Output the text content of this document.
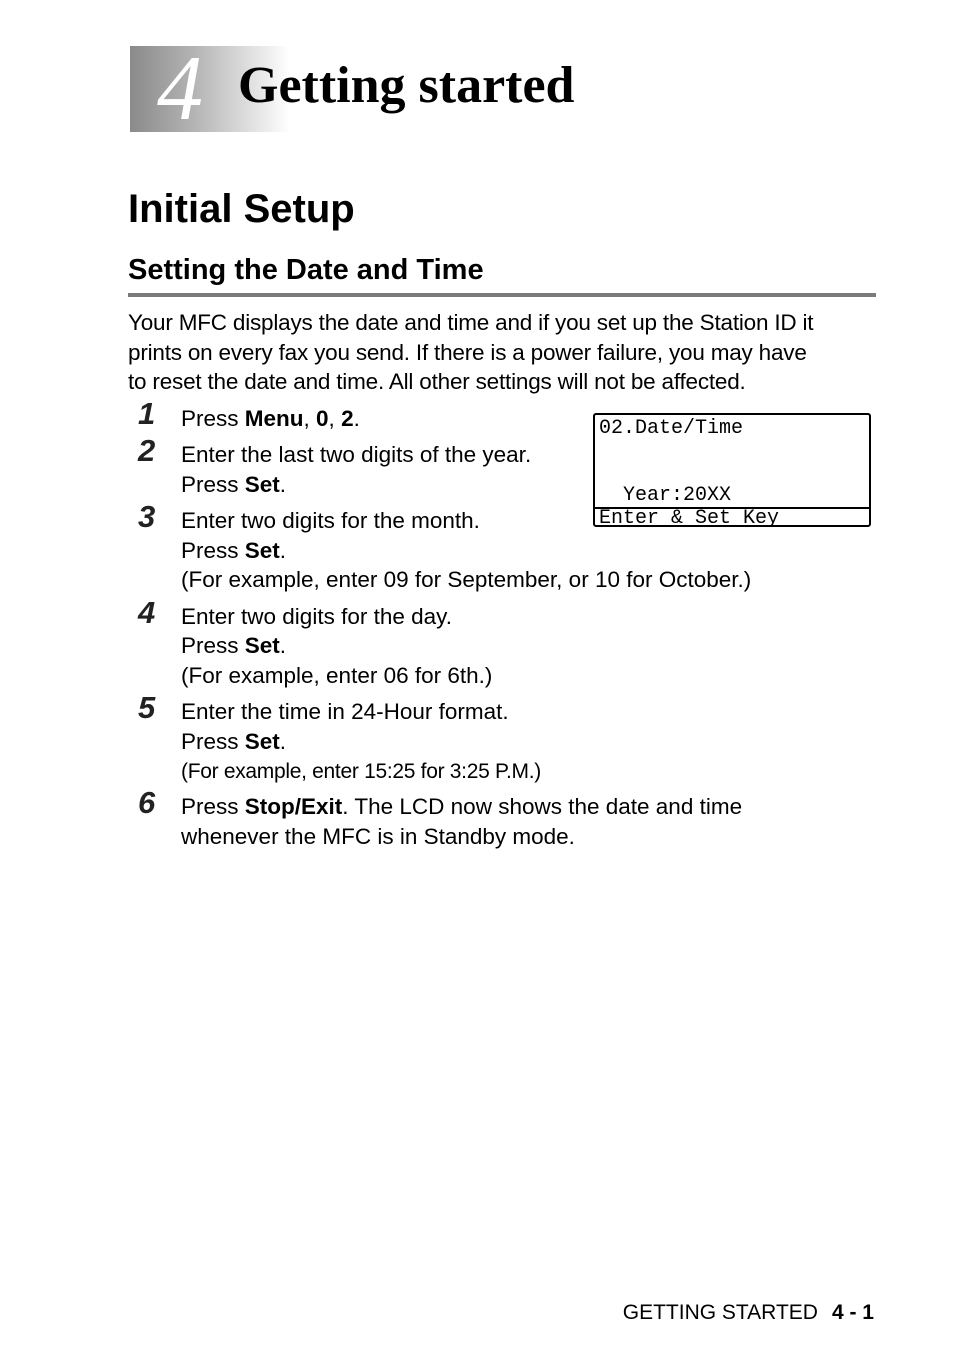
4 Getting started
Initial Setup
Setting the Date and Time
Your MFC displays the date and time and if you set up the Station ID it
prints on every fax you send. If there is a power failure, you may have
to reset the date and time. All other settings will not be affected.
1	Press Menu, 0, 2.
2	Enter the last two digits of the year.
Press Set.
3	Enter two digits for the month.
Press Set.
(For example, enter 09 for September, or 10 for October.)
4	Enter two digits for the day.
Press Set.
(For example, enter 06 for 6th.)
5	Enter the time in 24-Hour format.
Press Set.
(For example, enter 15:25 for 3:25 P.M.)
6	Press Stop/Exit. The LCD now shows the date and time
whenever the MFC is in Standby mode.
02.Date/Time
Year:20XX
Enter & Set Key
GETTING STARTED 4 - 1
